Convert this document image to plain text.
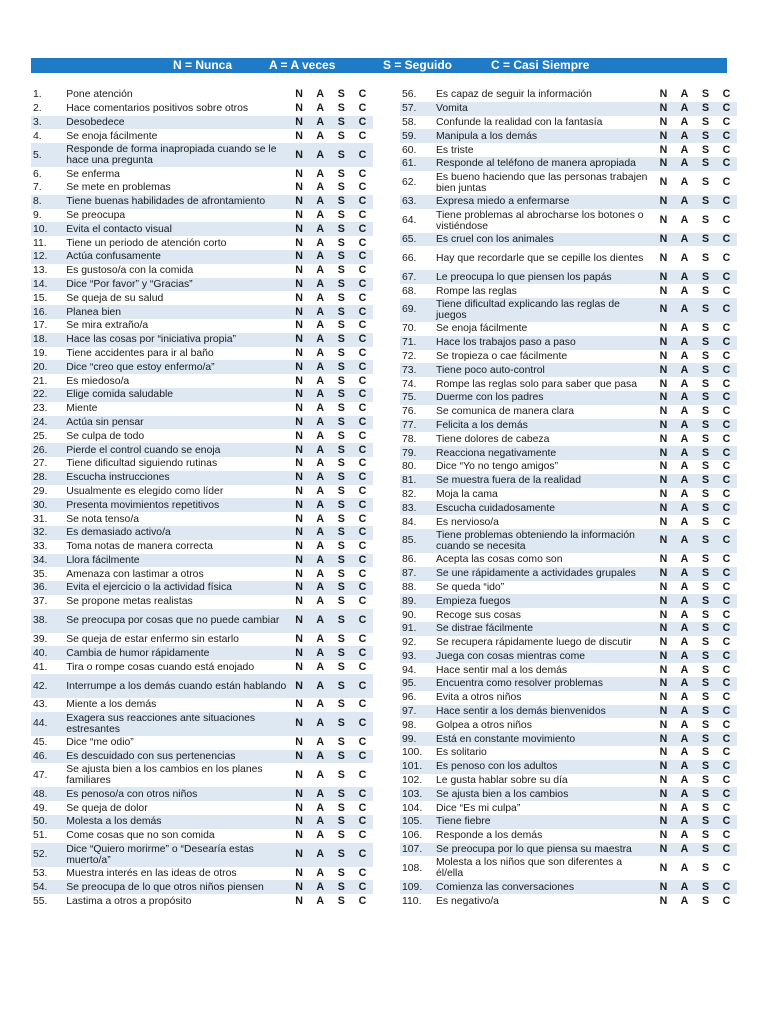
N = Nunca	A = A veces	S = Seguido	C = Casi Siempre
1.	Pone atención	N	A	S	C
2.	Hace comentarios positivos sobre otros	N	A	S	C
3.	Desobedece	N	A	S	C
4.	Se enoja fácilmente	N	A	S	C
5.	Responde de forma inapropiada cuando se le hace una pregunta	N	A	S	C
6.	Se enferma	N	A	S	C
7.	Se mete en problemas	N	A	S	C
8.	Tiene buenas habilidades de afrontamiento	N	A	S	C
9.	Se preocupa	N	A	S	C
10.	Evita el contacto visual	N	A	S	C
11.	Tiene un periodo de atención corto	N	A	S	C
12.	Actúa confusamente	N	A	S	C
13.	Es gustoso/a con la comida	N	A	S	C
14.	Dice “Por favor” y “Gracias”	N	A	S	C
15.	Se queja de su salud	N	A	S	C
16.	Planea bien	N	A	S	C
17.	Se mira extraño/a	N	A	S	C
18.	Hace las cosas por “iniciativa propia”	N	A	S	C
19.	Tiene accidentes para ir al baño	N	A	S	C
20.	Dice “creo que estoy enfermo/a”	N	A	S	C
21.	Es miedoso/a	N	A	S	C
22.	Elige comida saludable	N	A	S	C
23.	Miente	N	A	S	C
24.	Actúa sin pensar	N	A	S	C
25.	Se culpa de todo	N	A	S	C
26.	Pierde el control cuando se enoja	N	A	S	C
27.	Tiene dificultad siguiendo rutinas	N	A	S	C
28.	Escucha instrucciones	N	A	S	C
29.	Usualmente es elegido como líder	N	A	S	C
30.	Presenta movimientos repetitivos	N	A	S	C
31.	Se nota tenso/a	N	A	S	C
32.	Es demasiado activo/a	N	A	S	C
33.	Toma notas de manera correcta	N	A	S	C
34.	Llora fácilmente	N	A	S	C
35.	Amenaza con lastimar a otros	N	A	S	C
36.	Evita el ejercicio o la actividad física	N	A	S	C
37.	Se propone metas realistas	N	A	S	C
38.	Se preocupa por cosas que no puede cambiar	N	A	S	C
39.	Se queja de estar enfermo sin estarlo	N	A	S	C
40.	Cambia de humor rápidamente	N	A	S	C
41.	Tira o rompe cosas cuando está enojado	N	A	S	C
42.	Interrumpe a los demás cuando están hablando	N	A	S	C
43.	Miente a los demás	N	A	S	C
44.	Exagera sus reacciones ante situaciones estresantes	N	A	S	C
45.	Dice “me odio”	N	A	S	C
46.	Es descuidado con sus pertenencias	N	A	S	C
47.	Se ajusta bien a los cambios en los planes familiares	N	A	S	C
48.	Es penoso/a con otros niños	N	A	S	C
49.	Se queja de dolor	N	A	S	C
50.	Molesta a los demás	N	A	S	C
51.	Come cosas que no son comida	N	A	S	C
52.	Dice “Quiero morirme” o “Desearía estas muerto/a”	N	A	S	C
53.	Muestra interés en las ideas de otros	N	A	S	C
54.	Se preocupa de lo que otros niños piensen	N	A	S	C
55.	Lastima a otros a propósito	N	A	S	C
56.	Es capaz de seguir la información	N	A	S	C
57.	Vomita	N	A	S	C
58.	Confunde la realidad con la fantasía	N	A	S	C
59.	Manipula a los demás	N	A	S	C
60.	Es triste	N	A	S	C
61.	Responde al teléfono de manera apropiada	N	A	S	C
62.	Es bueno haciendo que las personas trabajen bien juntas	N	A	S	C
63.	Expresa miedo a enfermarse	N	A	S	C
64.	Tiene problemas al abrocharse los botones o vistiéndose	N	A	S	C
65.	Es cruel con los animales	N	A	S	C
66.	Hay que recordarle que se cepille los dientes	N	A	S	C
67.	Le preocupa lo que piensen los papás	N	A	S	C
68.	Rompe las reglas	N	A	S	C
69.	Tiene dificultad explicando las reglas de juegos	N	A	S	C
70.	Se enoja fácilmente	N	A	S	C
71.	Hace los trabajos paso a paso	N	A	S	C
72.	Se tropieza o cae fácilmente	N	A	S	C
73.	Tiene poco auto-control	N	A	S	C
74.	Rompe las reglas solo para saber que pasa	N	A	S	C
75.	Duerme con los padres	N	A	S	C
76.	Se comunica de manera clara	N	A	S	C
77.	Felicita a los demás	N	A	S	C
78.	Tiene dolores de cabeza	N	A	S	C
79.	Reacciona negativamente	N	A	S	C
80.	Dice “Yo no tengo amigos”	N	A	S	C
81.	Se muestra fuera de la realidad	N	A	S	C
82.	Moja la cama	N	A	S	C
83.	Escucha cuidadosamente	N	A	S	C
84.	Es nervioso/a	N	A	S	C
85.	Tiene problemas obteniendo la información cuando se necesita	N	A	S	C
86.	Acepta las cosas como son	N	A	S	C
87.	Se une rápidamente a actividades grupales	N	A	S	C
88.	Se queda “ido”	N	A	S	C
89.	Empieza fuegos	N	A	S	C
90.	Recoge sus cosas	N	A	S	C
91.	Se distrae fácilmente	N	A	S	C
92.	Se recupera rápidamente luego de discutir	N	A	S	C
93.	Juega con cosas mientras come	N	A	S	C
94.	Hace sentir mal a los demás	N	A	S	C
95.	Encuentra como resolver problemas	N	A	S	C
96.	Evita a otros niños	N	A	S	C
97.	Hace sentir a los demás bienvenidos	N	A	S	C
98.	Golpea a otros niños	N	A	S	C
99.	Está en constante movimiento	N	A	S	C
100.	Es solitario	N	A	S	C
101.	Es penoso con los adultos	N	A	S	C
102.	Le gusta hablar sobre su día	N	A	S	C
103.	Se ajusta bien a los cambios	N	A	S	C
104.	Dice “Es mi culpa”	N	A	S	C
105.	Tiene fiebre	N	A	S	C
106.	Responde a los demás	N	A	S	C
107.	Se preocupa por lo que piensa su maestra	N	A	S	C
108.	Molesta a los niños que son diferentes a él/ella	N	A	S	C
109.	Comienza las conversaciones	N	A	S	C
110.	Es negativo/a	N	A	S	C
